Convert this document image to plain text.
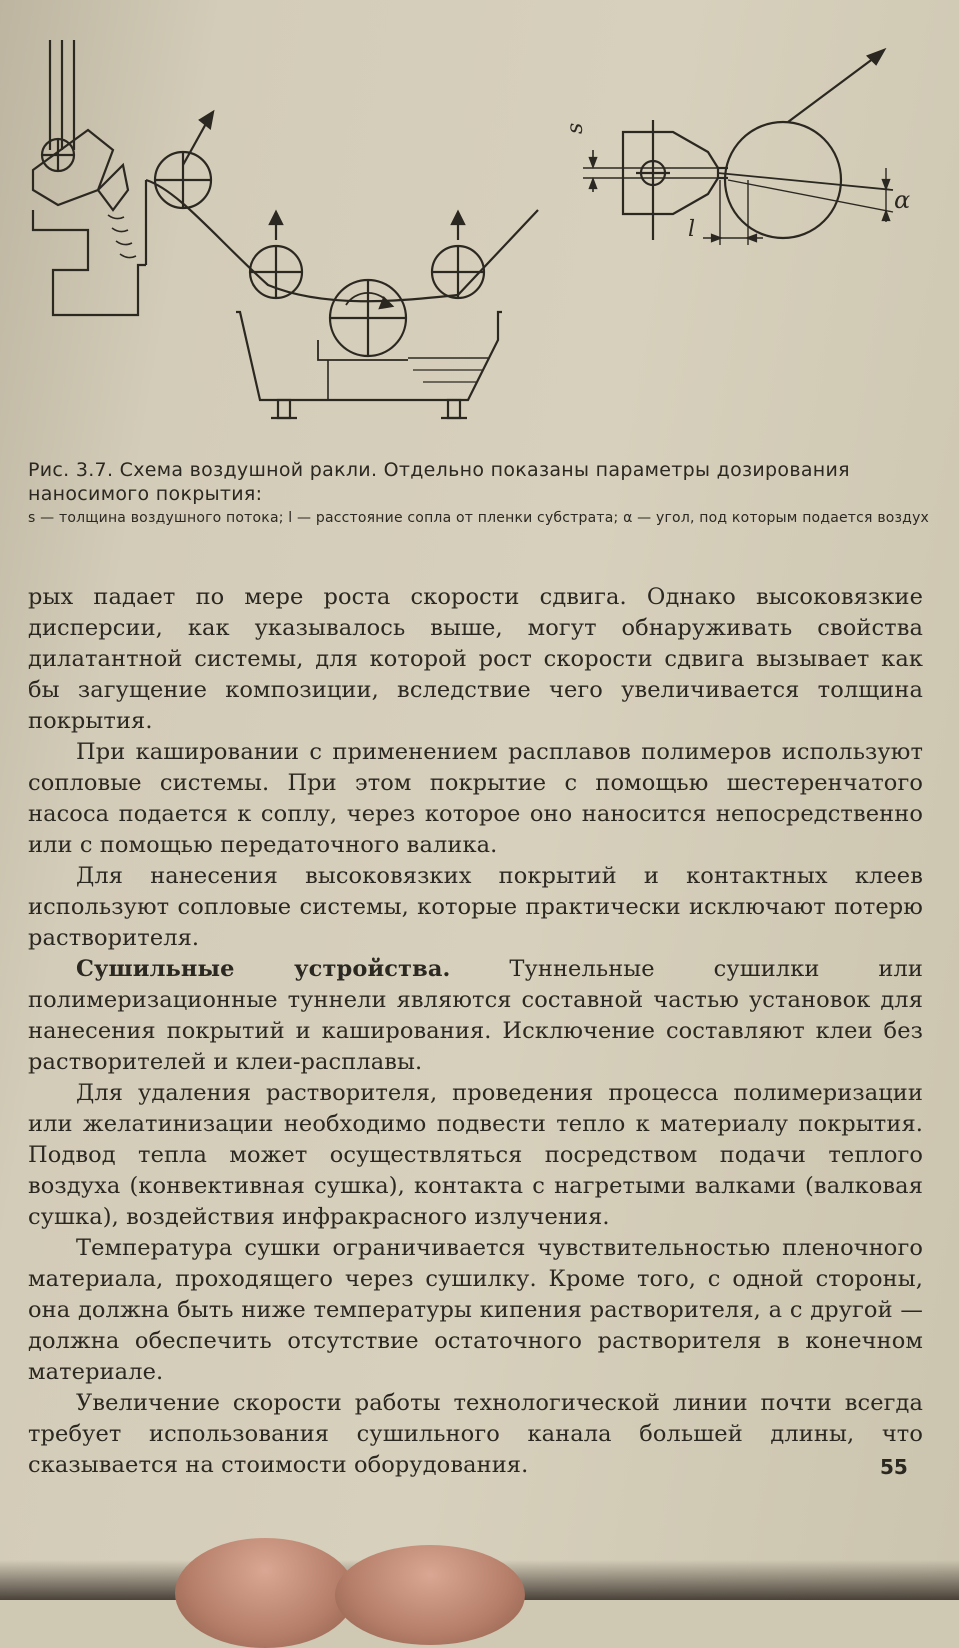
s
l
α

Рис. 3.7. Схема воздушной ракли. Отдельно показаны параметры дозирования наносимого покрытия:

s — толщина воздушного потока; l — расстояние сопла от пленки субстрата; α — угол, под которым подается воздух

рых падает по мере роста скорости сдвига. Однако высоковязкие дисперсии, как указывалось выше, могут обнаруживать свойства дилатантной системы, для которой рост скорости сдвига вызывает как бы загущение композиции, вследствие чего увеличивается толщина покрытия.

При кашировании с применением расплавов полимеров используют сопловые системы. При этом покрытие с помощью шестеренчатого насоса подается к соплу, через которое оно наносится непосредственно или с помощью передаточного валика.

Для нанесения высоковязких покрытий и контактных клеев используют сопловые системы, которые практически исключают потерю растворителя.

Сушильные устройства. Туннельные сушилки или полимеризационные туннели являются составной частью установок для нанесения покрытий и каширования. Исключение составляют клеи без растворителей и клеи-расплавы.

Для удаления растворителя, проведения процесса полимеризации или желатинизации необходимо подвести тепло к материалу покрытия. Подвод тепла может осуществляться посредством подачи теплого воздуха (конвективная сушка), контакта с нагретыми валками (валковая сушка), воздействия инфракрасного излучения.

Температура сушки ограничивается чувствительностью пленочного материала, проходящего через сушилку. Кроме того, с одной стороны, она должна быть ниже температуры кипения растворителя, а с другой — должна обеспечить отсутствие остаточного растворителя в конечном материале.

Увеличение скорости работы технологической линии почти всегда требует использования сушильного канала большей длины, что сказывается на стоимости оборудования.	55
